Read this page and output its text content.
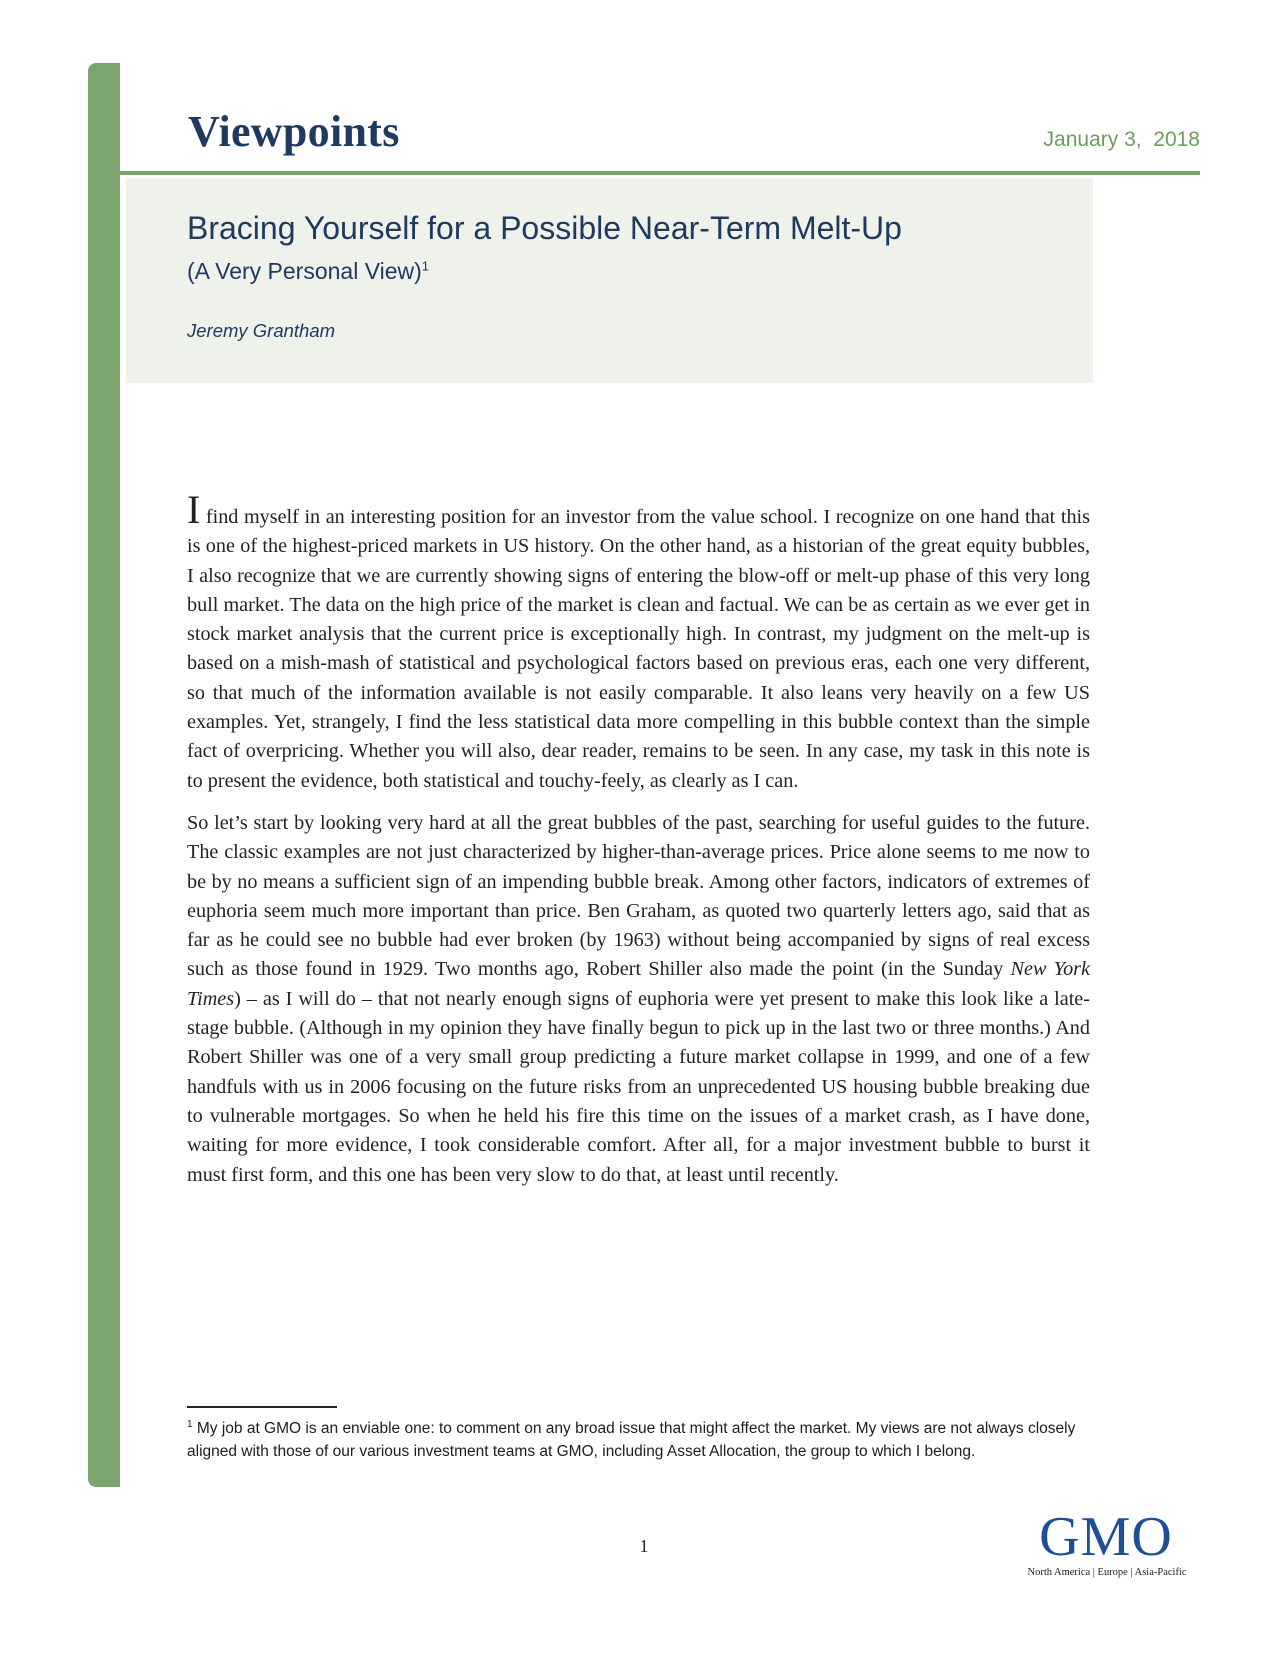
Viewpoints	January 3,  2018
Bracing Yourself for a Possible Near-Term Melt-Up
(A Very Personal View)$^1$
Jeremy Grantham

I find myself in an interesting position for an investor from the value school. I recognize on one hand that this is one of the highest-priced markets in US history. On the other hand, as a historian of the great equity bubbles, I also recognize that we are currently showing signs of entering the blow-off or melt-up phase of this very long bull market. The data on the high price of the market is clean and factual. We can be as certain as we ever get in stock market analysis that the current price is exceptionally high. In contrast, my judgment on the melt-up is based on a mish-mash of statistical and psychological factors based on previous eras, each one very different, so that much of the information available is not easily comparable. It also leans very heavily on a few US examples. Yet, strangely, I find the less statistical data more compelling in this bubble context than the simple fact of overpricing. Whether you will also, dear reader, remains to be seen. In any case, my task in this note is to present the evidence, both statistical and touchy-feely, as clearly as I can.

So let’s start by looking very hard at all the great bubbles of the past, searching for useful guides to the future. The classic examples are not just characterized by higher-than-average prices. Price alone seems to me now to be by no means a sufficient sign of an impending bubble break. Among other factors, indicators of extremes of euphoria seem much more important than price. Ben Graham, as quoted two quarterly letters ago, said that as far as he could see no bubble had ever broken (by 1963) without being accompanied by signs of real excess such as those found in 1929. Two months ago, Robert Shiller also made the point (in the Sunday New York Times) – as I will do – that not nearly enough signs of euphoria were yet present to make this look like a late-stage bubble. (Although in my opinion they have finally begun to pick up in the last two or three months.) And Robert Shiller was one of a very small group predicting a future market collapse in 1999, and one of a few handfuls with us in 2006 focusing on the future risks from an unprecedented US housing bubble breaking due to vulnerable mortgages. So when he held his fire this time on the issues of a market crash, as I have done, waiting for more evidence, I took considerable comfort. After all, for a major investment bubble to burst it must first form, and this one has been very slow to do that, at least until recently.

$^1$ My job at GMO is an enviable one: to comment on any broad issue that might affect the market. My views are not always closely aligned with those of our various investment teams at GMO, including Asset Allocation, the group to which I belong.

1	GMO
North America | Europe | Asia-Pacific
